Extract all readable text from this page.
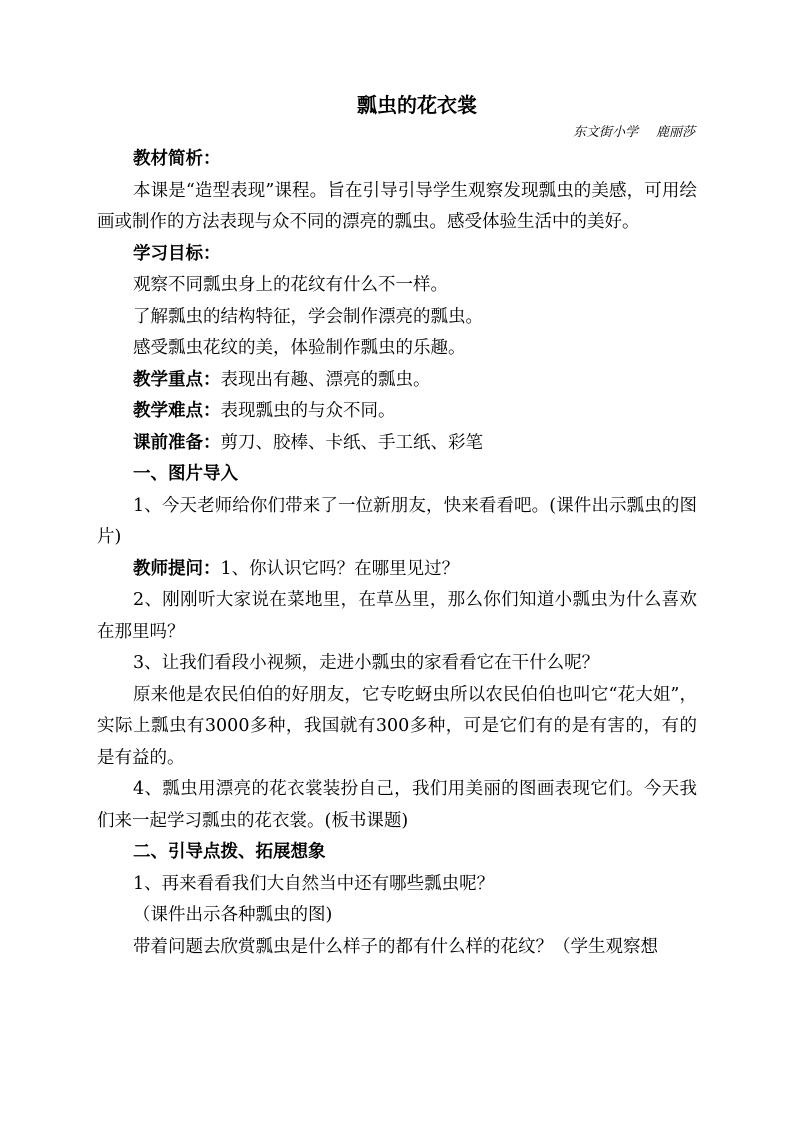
瓢虫的花衣裳
东文街小学 鹿丽莎
教材简析：

本课是“造型表现”课程。旨在引导引导学生观察发现瓢虫的美感，可用绘画或制作的方法表现与众不同的漂亮的瓢虫。感受体验生活中的美好。

学习目标：
观察不同瓢虫身上的花纹有什么不一样。
了解瓢虫的结构特征，学会制作漂亮的瓢虫。
感受瓢虫花纹的美，体验制作瓢虫的乐趣。
教学重点：表现出有趣、漂亮的瓢虫。
教学难点：表现瓢虫的与众不同。
课前准备：剪刀、胶棒、卡纸、手工纸、彩笔
一、图片导入

1、今天老师给你们带来了一位新朋友，快来看看吧。(课件出示瓢虫的图片)

教师提问：1、你认识它吗？在哪里见过？

2、刚刚听大家说在菜地里，在草丛里，那么你们知道小瓢虫为什么喜欢在那里吗？

3、让我们看段小视频，走进小瓢虫的家看看它在干什么呢？

原来他是农民伯伯的好朋友，它专吃蚜虫所以农民伯伯也叫它“花大姐”，实际上瓢虫有3000多种，我国就有300多种，可是它们有的是有害的，有的是有益的。

4、瓢虫用漂亮的花衣裳装扮自己，我们用美丽的图画表现它们。今天我们来一起学习瓢虫的花衣裳。(板书课题)

二、引导点拨、拓展想象

1、再来看看我们大自然当中还有哪些瓢虫呢？

（课件出示各种瓢虫的图)

带着问题去欣赏瓢虫是什么样子的都有什么样的花纹？（学生观察想
